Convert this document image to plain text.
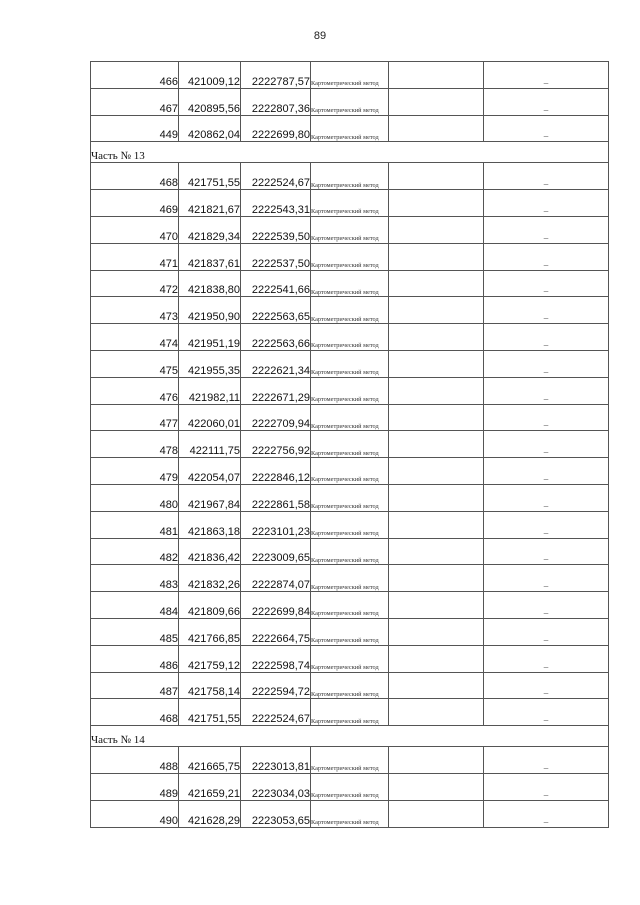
89
466	421009,12	2222787,57	Картометрический метод		–
467	420895,56	2222807,36	Картометрический метод		–
449	420862,04	2222699,80	Картометрический метод		–
Часть № 13					
468	421751,55	2222524,67	Картометрический метод		–
469	421821,67	2222543,31	Картометрический метод		–
470	421829,34	2222539,50	Картометрический метод		–
471	421837,61	2222537,50	Картометрический метод		–
472	421838,80	2222541,66	Картометрический метод		–
473	421950,90	2222563,65	Картометрический метод		–
474	421951,19	2222563,66	Картометрический метод		–
475	421955,35	2222621,34	Картометрический метод		–
476	421982,11	2222671,29	Картометрический метод		–
477	422060,01	2222709,94	Картометрический метод		–
478	422111,75	2222756,92	Картометрический метод		–
479	422054,07	2222846,12	Картометрический метод		–
480	421967,84	2222861,58	Картометрический метод		–
481	421863,18	2223101,23	Картометрический метод		–
482	421836,42	2223009,65	Картометрический метод		–
483	421832,26	2222874,07	Картометрический метод		–
484	421809,66	2222699,84	Картометрический метод		–
485	421766,85	2222664,75	Картометрический метод		–
486	421759,12	2222598,74	Картометрический метод		–
487	421758,14	2222594,72	Картометрический метод		–
468	421751,55	2222524,67	Картометрический метод		–
Часть № 14					
488	421665,75	2223013,81	Картометрический метод		–
489	421659,21	2223034,03	Картометрический метод		–
490	421628,29	2223053,65	Картометрический метод		–
